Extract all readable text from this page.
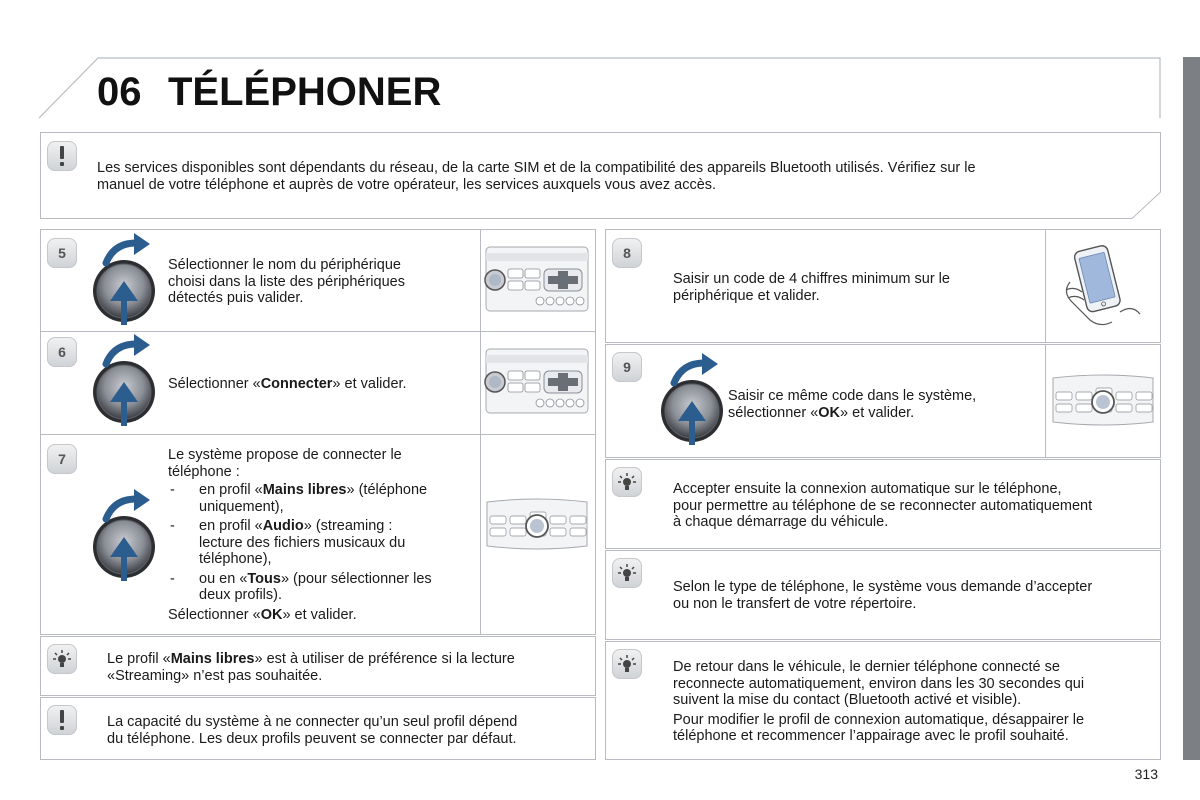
06 TÉLÉPHONER
Les services disponibles sont dépendants du réseau, de la carte SIM et de la compatibilité des appareils Bluetooth utilisés. Vérifiez sur le
manuel de votre téléphone et auprès de votre opérateur, les services auxquels vous avez accès.
5
Sélectionner le nom du périphérique
choisi dans la liste des périphériques
détectés puis valider.
6
Sélectionner «Connecter» et valider.
7	Le système propose de connecter le
téléphone :
- en profil «Mains libres» (téléphone
uniquement),
- en profil «Audio» (streaming :
lecture des fichiers musicaux du
téléphone),
- ou en «Tous» (pour sélectionner les
deux profils).
Sélectionner «OK» et valider.
Le profil «Mains libres» est à utiliser de préférence si la lecture
«Streaming» n’est pas souhaitée.
La capacité du système à ne connecter qu’un seul profil dépend
du téléphone. Les deux profils peuvent se connecter par défaut.
8
Saisir un code de 4 chiffres minimum sur le
périphérique et valider.
9
Saisir ce même code dans le système,
sélectionner «OK» et valider.
Accepter ensuite la connexion automatique sur le téléphone,
pour permettre au téléphone de se reconnecter automatiquement
à chaque démarrage du véhicule.
Selon le type de téléphone, le système vous demande d’accepter
ou non le transfert de votre répertoire.
De retour dans le véhicule, le dernier téléphone connecté se
reconnecte automatiquement, environ dans les 30 secondes qui

suivent la mise du contact (Bluetooth activé et visible).

Pour modifier le profil de connexion automatique, désappairer le
téléphone et recommencer l’appairage avec le profil souhaité.
313
